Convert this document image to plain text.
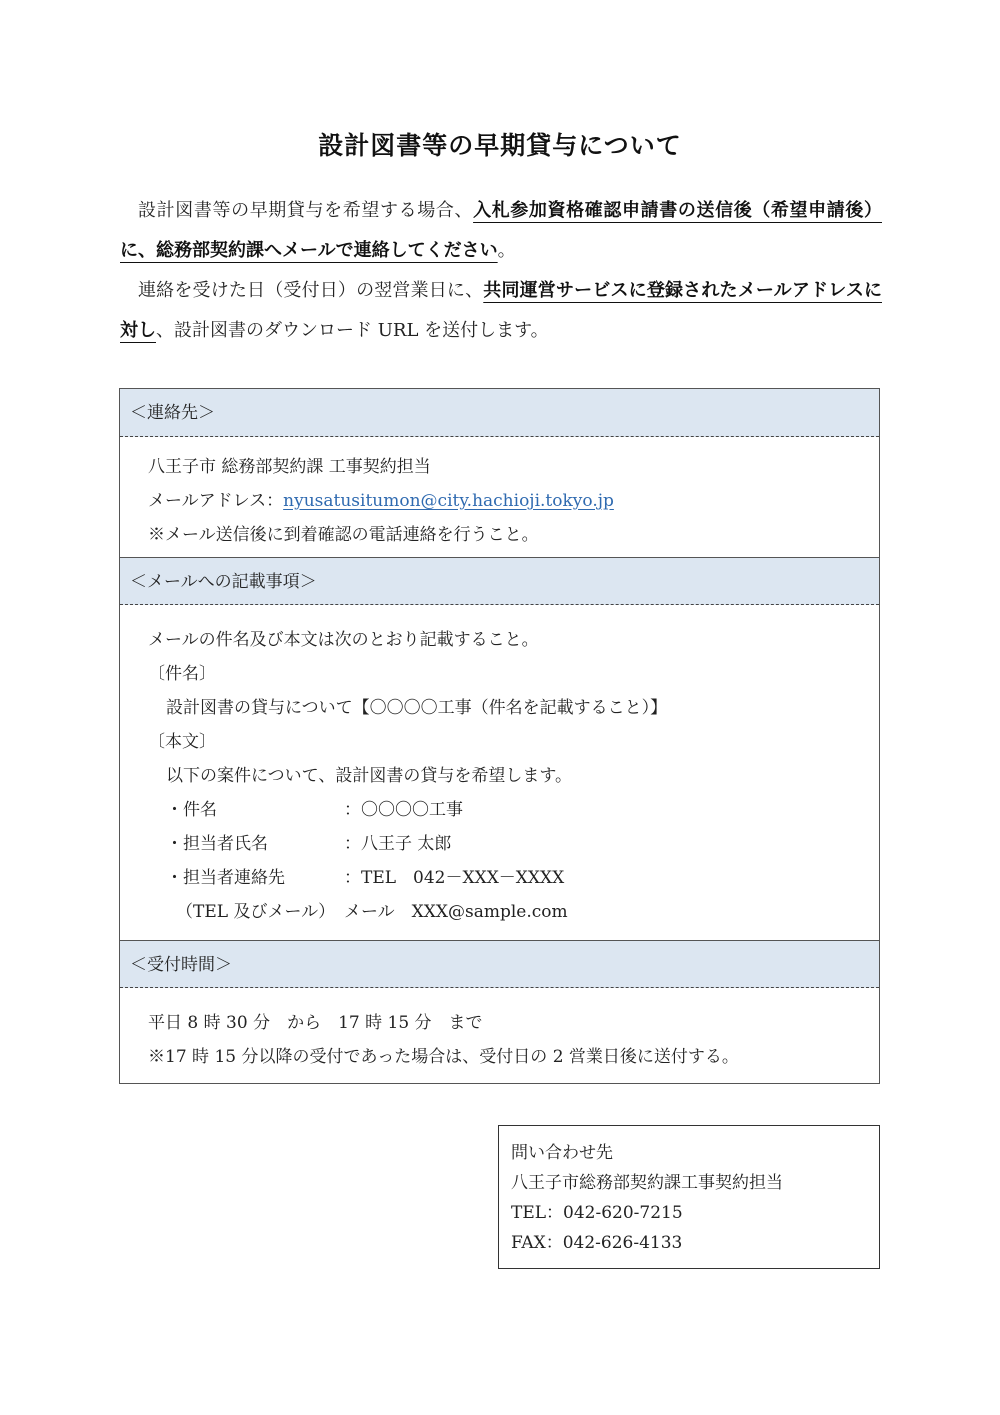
設計図書等の早期貸与について

設計図書等の早期貸与を希望する場合、入札参加資格確認申請書の送信後（希望申請後）に、総務部契約課へメールで連絡してください。

連絡を受けた日（受付日）の翌営業日に、共同運営サービスに登録されたメールアドレスに対し、設計図書のダウンロード URL を送付します。

＜連絡先＞
八王子市 総務部契約課 工事契約担当
メールアドレス：nyusatusitumon@city.hachioji.tokyo.jp
※メール送信後に到着確認の電話連絡を行うこと。
＜メールへの記載事項＞
メールの件名及び本文は次のとおり記載すること。
〔件名〕
設計図書の貸与について【〇〇〇〇工事（件名を記載すること）】
〔本文〕
以下の案件について、設計図書の貸与を希望します。
・件名	：〇〇〇〇工事
・担当者氏名	：八王子 太郎
・担当者連絡先	：TEL　042－XXX－XXXX
（TEL 及びメール） メール　XXX@sample.com
＜受付時間＞
平日 8 時 30 分　から　17 時 15 分　まで
※17 時 15 分以降の受付であった場合は、受付日の 2 営業日後に送付する。
問い合わせ先
八王子市総務部契約課工事契約担当
TEL：042-620-7215
FAX：042-626-4133
